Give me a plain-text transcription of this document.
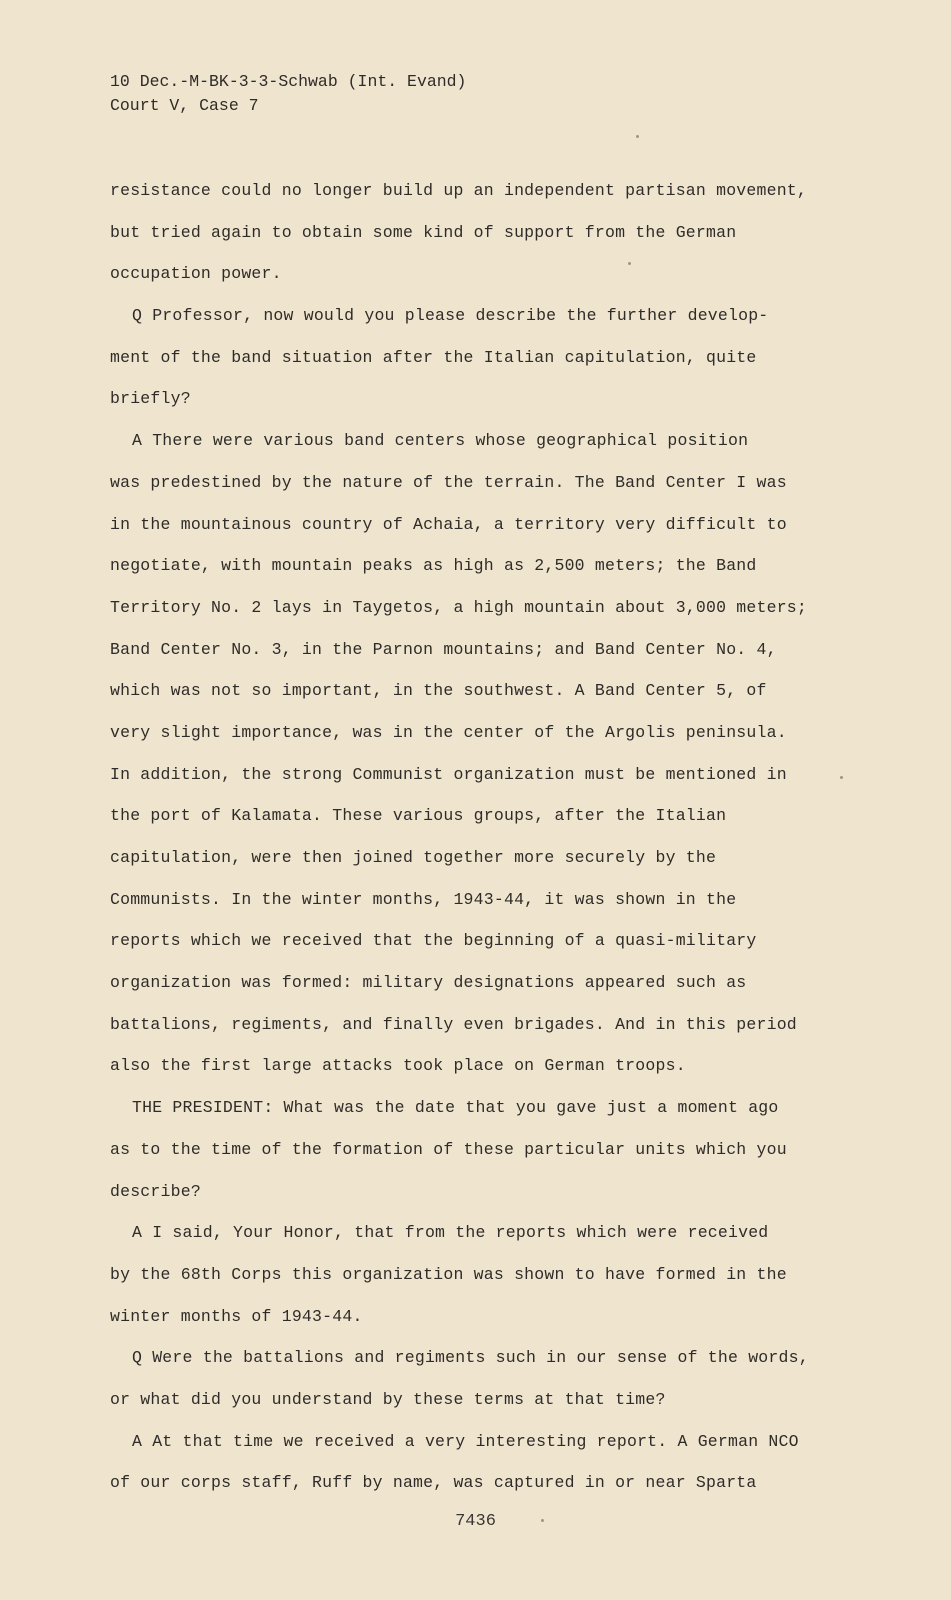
10 Dec.-M-BK-3-3-Schwab (Int. Evand)
Court V, Case 7
resistance could no longer build up an independent partisan movement,
but tried again to obtain some kind of support from the German
occupation power.
Q Professor, now would you please describe the further develop-
ment of the band situation after the Italian capitulation, quite
briefly?
A There were various band centers whose geographical position
was predestined by the nature of the terrain. The Band Center I was
in the mountainous country of Achaia, a territory very difficult to
negotiate, with mountain peaks as high as 2,500 meters; the Band
Territory No. 2 lays in Taygetos, a high mountain about 3,000 meters;
Band Center No. 3, in the Parnon mountains; and Band Center No. 4,
which was not so important, in the southwest. A Band Center 5, of
very slight importance, was in the center of the Argolis peninsula.
In addition, the strong Communist organization must be mentioned in
the port of Kalamata. These various groups, after the Italian
capitulation, were then joined together more securely by the
Communists. In the winter months, 1943-44, it was shown in the
reports which we received that the beginning of a quasi-military
organization was formed: military designations appeared such as
battalions, regiments, and finally even brigades. And in this period
also the first large attacks took place on German troops.
THE PRESIDENT: What was the date that you gave just a moment ago
as to the time of the formation of these particular units which you
describe?
A I said, Your Honor, that from the reports which were received
by the 68th Corps this organization was shown to have formed in the
winter months of 1943-44.
Q Were the battalions and regiments such in our sense of the words,
or what did you understand by these terms at that time?
A At that time we received a very interesting report. A German NCO
of our corps staff, Ruff by name, was captured in or near Sparta
7436
